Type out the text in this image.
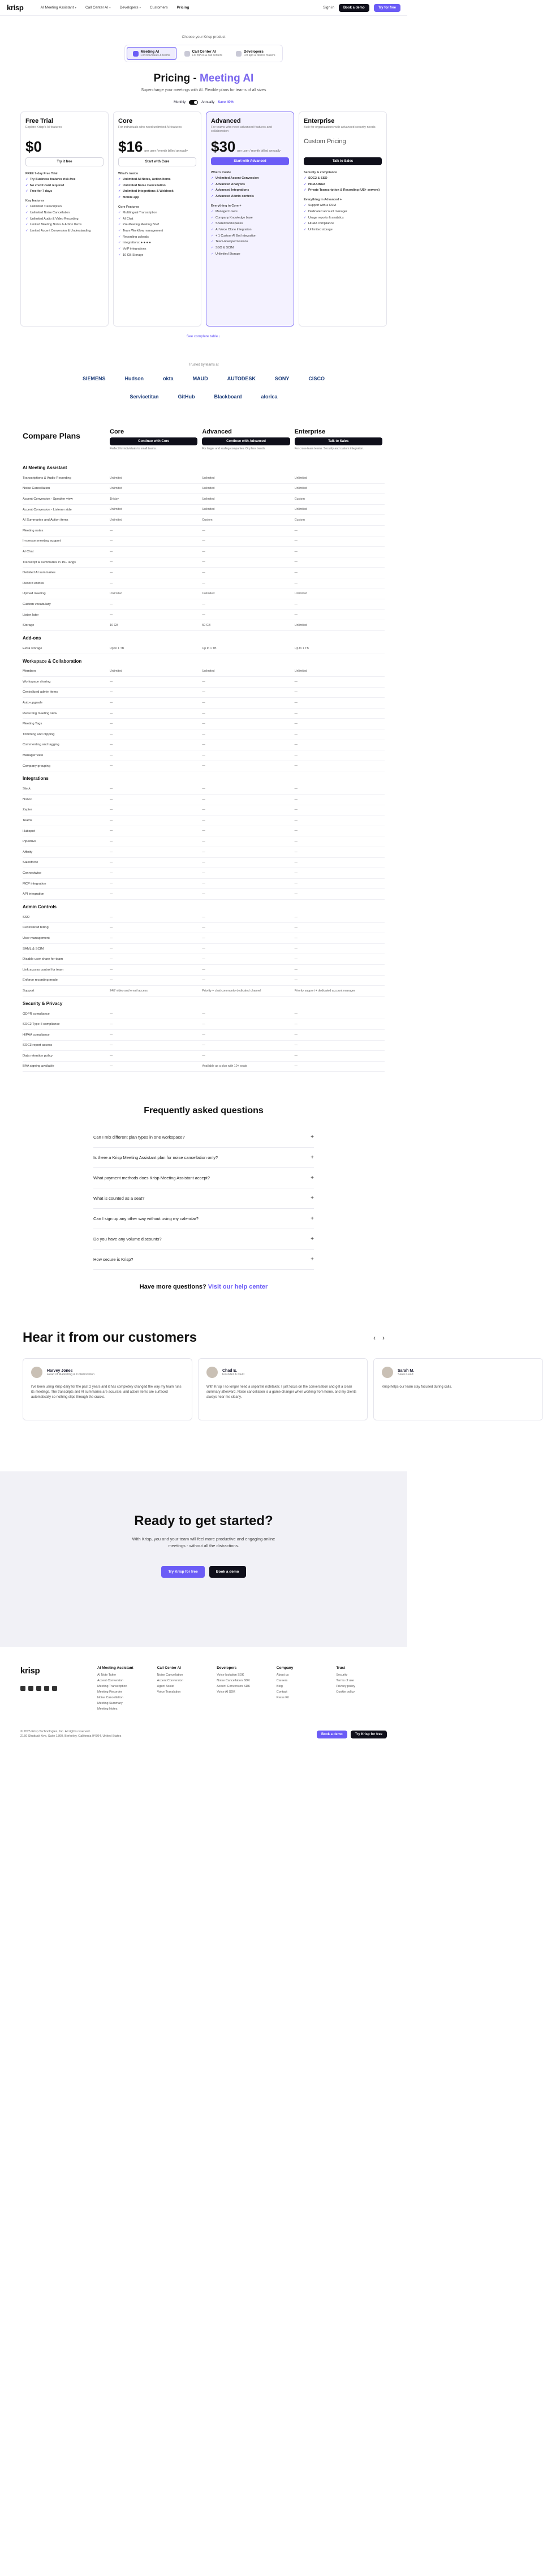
krisp	AI Meeting Assistant ▾ Call Center AI ▾ Developers ▾ Customers Pricing	Sign in	Book a demo	Try for free
Choose your Krisp product
Meeting AI
For individuals & teams
Call Center AI
For BPOs & call centers
Developers
For app & device makers
Pricing - Meeting AI
Supercharge your meetings with AI. Flexible plans for teams of all sizes
Monthly	Annually Save 40%
Free Trial
Explore Krisp's AI features
$0
Try it free
FREE 7-day Free Trial
✓ Try Business features risk-free
✓ No credit card required
✓ Free for 7 days
Key features
✓ Unlimited Transcription
✓ Unlimited Noise Cancellation
✓ Unlimited Audio & Video Recording
✓ Limited Meeting Notes & Action Items
✓ Limited Accent Conversion & Understanding
Core
For individuals who need unlimited AI features
$16 per user / month billed annually
Start with Core
What's inside
✓ Unlimited AI Notes, Action Items
✓ Unlimited Noise Cancellation
✓ Unlimited Integrations & Webhook
✓ Mobile app
Core Features
✓ Multilingual Transcription
✓ AI Chat
✓ Pre-Meeting Meeting Brief
✓ Team Workflow management
✓ Recording uploads
✓ Integrations: ● ● ● ●
✓ VoIP integrations
✓ 10 GB Storage
Advanced
For teams who need advanced features and collaboration
$30 per user / month billed annually
Start with Advanced
What's inside
✓ Unlimited Accent Conversion
✓ Advanced Analytics
✓ Advanced Integrations
✓ Advanced Admin controls
Everything in Core +
✓ Managed Users
✓ Company Knowledge base
✓ Shared workspaces
✓ AI Voice Clone Integration
✓ + 1 Custom AI Bot Integration
✓ Team-level permissions
✓ SSO & SCIM
✓ Unlimited Storage
Enterprise
Built for organizations with advanced security needs
Custom Pricing
Talk to Sales
Security & compliance
✓ SOC2 & SSO
✓ HIPAA/BAA
✓ Private Transcription & Recording (US+ servers)
Everything in Advanced +
✓ Support with a CSM
✓ Dedicated account manager
✓ Usage reports & analytics
✓ HIPAA compliance
✓ Unlimited storage
See complete table ↓
Trusted by teams at
SIEMENS	Hudson	okta	MAUD	AUTODESK	SONY	CISCO
Servicetitan	GitHub	Blackboard	alorica
Compare Plans	Core
Continue with Core
Perfect for individuals to small teams.
Advanced
Continue with Advanced
For larger and scaling companies. Or plans trends.
Enterprise
Talk to Sales
For cross-team teams. Security and custom integration.
AI Meeting Assistant
Transcriptions & Audio Recording	Unlimited	Unlimited	Unlimited
Noise Cancellation	Unlimited	Unlimited	Unlimited
Accent Conversion - Speaker view	1h/day	Unlimited	Custom
Accent Conversion - Listener side	Unlimited	Unlimited	Unlimited
AI Summaries and Action items	Unlimited	Custom	Custom
Meeting notes	—	—	—
In-person meeting support	—	—	—
AI Chat	—	—	—
Transcript & summaries in 15+ langs	—	—	—
Detailed AI summaries	—	—	—
Record entries	—	—	—
Upload meeting	Unlimited	Unlimited	Unlimited
Custom vocabulary	—	—	—
Listen later	—	—	—
Storage	10 GB	50 GB	Unlimited
Add-ons
Extra storage	Up to 1 TB	Up to 1 TB	Up to 1 TB
Workspace & Collaboration
Members	Unlimited	Unlimited	Unlimited
Workspace sharing	—	—	—
Centralized admin items	—	—	—
Auto-upgrade	—	—	—
Recurring meeting view	—	—	—
Meeting Tags	—	—	—
Trimming and clipping	—	—	—
Commenting and tagging	—	—	—
Manager view	—	—	—
Company grouping	—	—	—
Integrations
Slack	—	—	—
Notion	—	—	—
Zapier	—	—	—
Teams	—	—	—
Hubspot	—	—	—
Pipedrive	—	—	—
Affinity	—	—	—
Salesforce	—	—	—
Connectwise	—	—	—
MCP integration	—	—	—
API integration	—	—	—
Admin Controls
SSO	—	—	—
Centralized billing	—	—	—
User management	—	—	—
SAML & SCIM	—	—	—
Disable user share for team	—	—	—
Link access control for team	—	—	—
Enforce recording mode	—	—	—
Support	24/7 video and email access	Priority + chat community dedicated channel	Priority support + dedicated account manager
Security & Privacy
GDPR compliance	—	—	—
SOC2 Type II compliance	—	—	—
HIPAA compliance	—	—	—
SOC3 report access	—	—	—
Data retention policy	—	—	—
BAA signing available	—	Available as a plus with 10+ seats	—
Frequently asked questions
Can I mix different plan types in one workspace?	+
Is there a Krisp Meeting Assistant plan for noise cancellation only?	+
What payment methods does Krisp Meeting Assistant accept?	+
What is counted as a seat?	+
Can I sign up any other way without using my calendar?	+
Do you have any volume discounts?	+
How secure is Krisp?	+
Have more questions? Visit our help center
Hear it from our customers	‹ ›
Harvey Jones
Head of Marketing & Collaboration
I've been using Krisp daily for the past 2 years and it has completely changed the way my team runs its meetings. The transcripts and AI summaries are accurate, and action items are surfaced automatically so nothing slips through the cracks.
Chad E.
Founder & CEO
With Krisp I no longer need a separate notetaker. I just focus on the conversation and get a clean summary afterward. Noise cancellation is a game-changer when working from home, and my clients always hear me clearly.
Sarah M.
Sales Lead
Krisp helps our team stay focused during calls.
Ready to get started?

With Krisp, you and your team will feel more productive and engaging online meetings - without all the distractions.

Try Krisp for free	Book a demo
krisp	AI Meeting Assistant
AI Note Taker
Accent Conversion
Meeting Transcription
Meeting Recorder
Noise Cancellation
Meeting Summary
Meeting Notes
Call Center AI
Noise Cancellation
Accent Conversion
Agent Assist
Voice Translation
Developers
Voice Isolation SDK
Noise Cancellation SDK
Accent Conversion SDK
Voice AI SDK
Company
About us
Careers
Blog
Contact
Press Kit
Trust
Security
Terms of use
Privacy policy
Cookie policy
© 2025 Krisp Technologies, Inc. All rights reserved.
2150 Shattuck Ave, Suite 1300, Berkeley, California 94704, United States	Book a demo	Try Krisp for free
